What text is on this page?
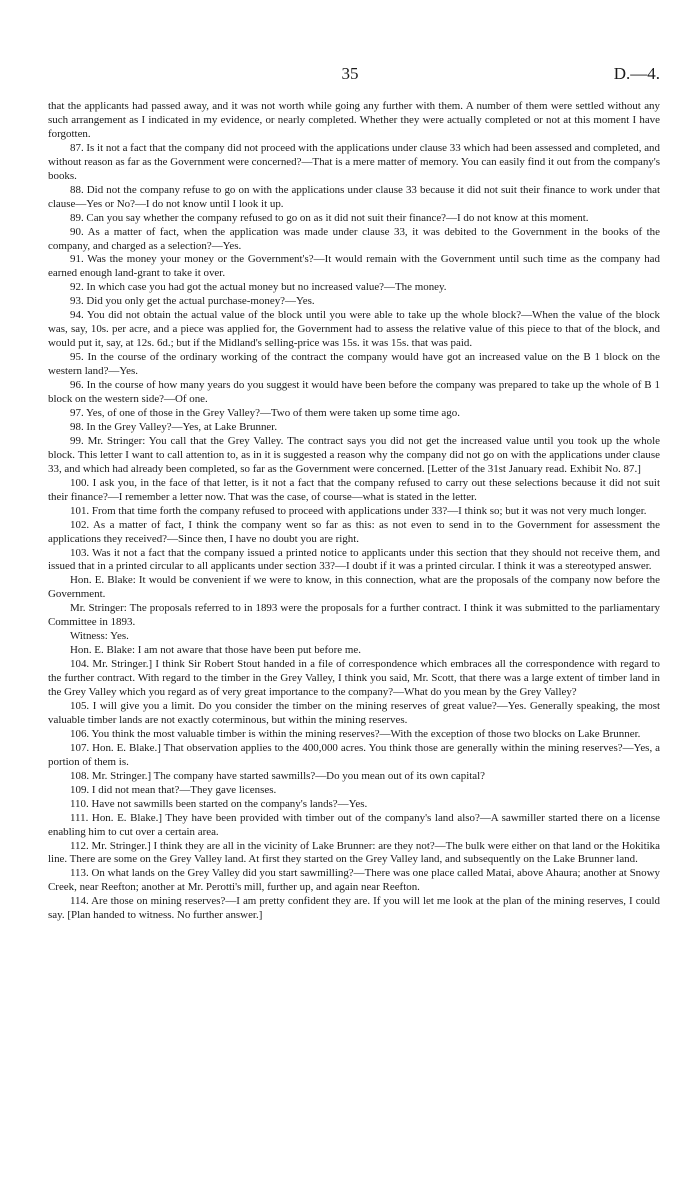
35	D.—4.

that the applicants had passed away, and it was not worth while going any further with them. A number of them were settled without any such arrangement as I indicated in my evidence, or nearly completed. Whether they were actually completed or not at this moment I have forgotten.

87. Is it not a fact that the company did not proceed with the applications under clause 33 which had been assessed and completed, and without reason as far as the Government were concerned?—That is a mere matter of memory. You can easily find it out from the company's books.

88. Did not the company refuse to go on with the applications under clause 33 because it did not suit their finance to work under that clause—Yes or No?—I do not know until I look it up.

89. Can you say whether the company refused to go on as it did not suit their finance?—I do not know at this moment.

90. As a matter of fact, when the application was made under clause 33, it was debited to the Government in the books of the company, and charged as a selection?—Yes.

91. Was the money your money or the Government's?—It would remain with the Government until such time as the company had earned enough land-grant to take it over.

92. In which case you had got the actual money but no increased value?—The money.

93. Did you only get the actual purchase-money?—Yes.

94. You did not obtain the actual value of the block until you were able to take up the whole block?—When the value of the block was, say, 10s. per acre, and a piece was applied for, the Government had to assess the relative value of this piece to that of the block, and would put it, say, at 12s. 6d.; but if the Midland's selling-price was 15s. it was 15s. that was paid.

95. In the course of the ordinary working of the contract the company would have got an increased value on the B 1 block on the western land?—Yes.

96. In the course of how many years do you suggest it would have been before the company was prepared to take up the whole of B 1 block on the western side?—Of one.

97. Yes, of one of those in the Grey Valley?—Two of them were taken up some time ago.

98. In the Grey Valley?—Yes, at Lake Brunner.

99. Mr. Stringer: You call that the Grey Valley. The contract says you did not get the increased value until you took up the whole block. This letter I want to call attention to, as in it is suggested a reason why the company did not go on with the applications under clause 33, and which had already been completed, so far as the Government were concerned. [Letter of the 31st January read. Exhibit No. 87.]

100. I ask you, in the face of that letter, is it not a fact that the company refused to carry out these selections because it did not suit their finance?—I remember a letter now. That was the case, of course—what is stated in the letter.

101. From that time forth the company refused to proceed with applications under 33?—I think so; but it was not very much longer.

102. As a matter of fact, I think the company went so far as this: as not even to send in to the Government for assessment the applications they received?—Since then, I have no doubt you are right.

103. Was it not a fact that the company issued a printed notice to applicants under this section that they should not receive them, and issued that in a printed circular to all applicants under section 33?—I doubt if it was a printed circular. I think it was a stereotyped answer.

Hon. E. Blake: It would be convenient if we were to know, in this connection, what are the proposals of the company now before the Government.

Mr. Stringer: The proposals referred to in 1893 were the proposals for a further contract. I think it was submitted to the parliamentary Committee in 1893.

Witness: Yes.

Hon. E. Blake: I am not aware that those have been put before me.

104. Mr. Stringer.] I think Sir Robert Stout handed in a file of correspondence which embraces all the correspondence with regard to the further contract. With regard to the timber in the Grey Valley, I think you said, Mr. Scott, that there was a large extent of timber land in the Grey Valley which you regard as of very great importance to the company?—What do you mean by the Grey Valley?

105. I will give you a limit. Do you consider the timber on the mining reserves of great value?—Yes. Generally speaking, the most valuable timber lands are not exactly coterminous, but within the mining reserves.

106. You think the most valuable timber is within the mining reserves?—With the exception of those two blocks on Lake Brunner.

107. Hon. E. Blake.] That observation applies to the 400,000 acres. You think those are generally within the mining reserves?—Yes, a portion of them is.

108. Mr. Stringer.] The company have started sawmills?—Do you mean out of its own capital?

109. I did not mean that?—They gave licenses.

110. Have not sawmills been started on the company's lands?—Yes.

111. Hon. E. Blake.] They have been provided with timber out of the company's land also?—A sawmiller started there on a license enabling him to cut over a certain area.

112. Mr. Stringer.] I think they are all in the vicinity of Lake Brunner: are they not?—The bulk were either on that land or the Hokitika line. There are some on the Grey Valley land. At first they started on the Grey Valley land, and subsequently on the Lake Brunner land.

113. On what lands on the Grey Valley did you start sawmilling?—There was one place called Matai, above Ahaura; another at Snowy Creek, near Reefton; another at Mr. Perotti's mill, further up, and again near Reefton.

114. Are those on mining reserves?—I am pretty confident they are. If you will let me look at the plan of the mining reserves, I could say. [Plan handed to witness. No further answer.]
